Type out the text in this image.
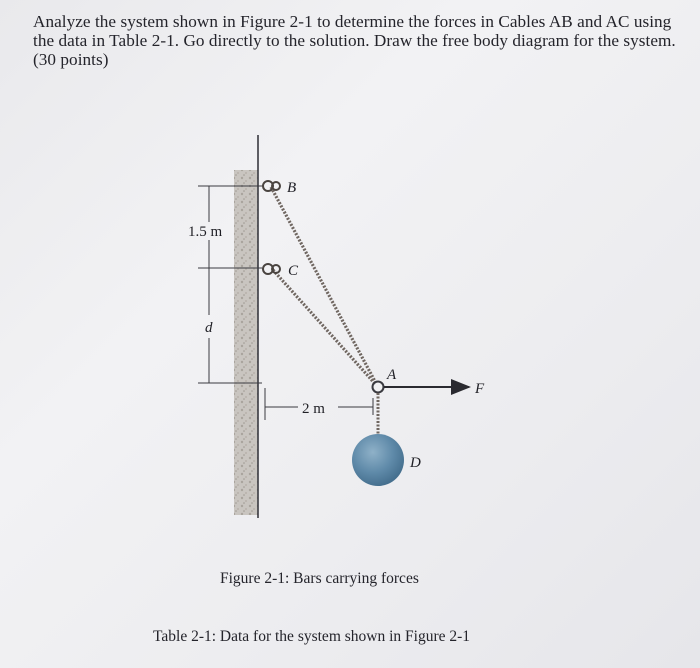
Analyze the system shown in Figure 2-1 to determine the forces in Cables AB and AC using the data in Table 2-1. Go directly to the solution. Draw the free body diagram for the system. (30 points)
B
C
A
D
F
1.5 m
d
2 m
Figure 2-1: Bars carrying forces
Table 2-1: Data for the system shown in Figure 2-1
